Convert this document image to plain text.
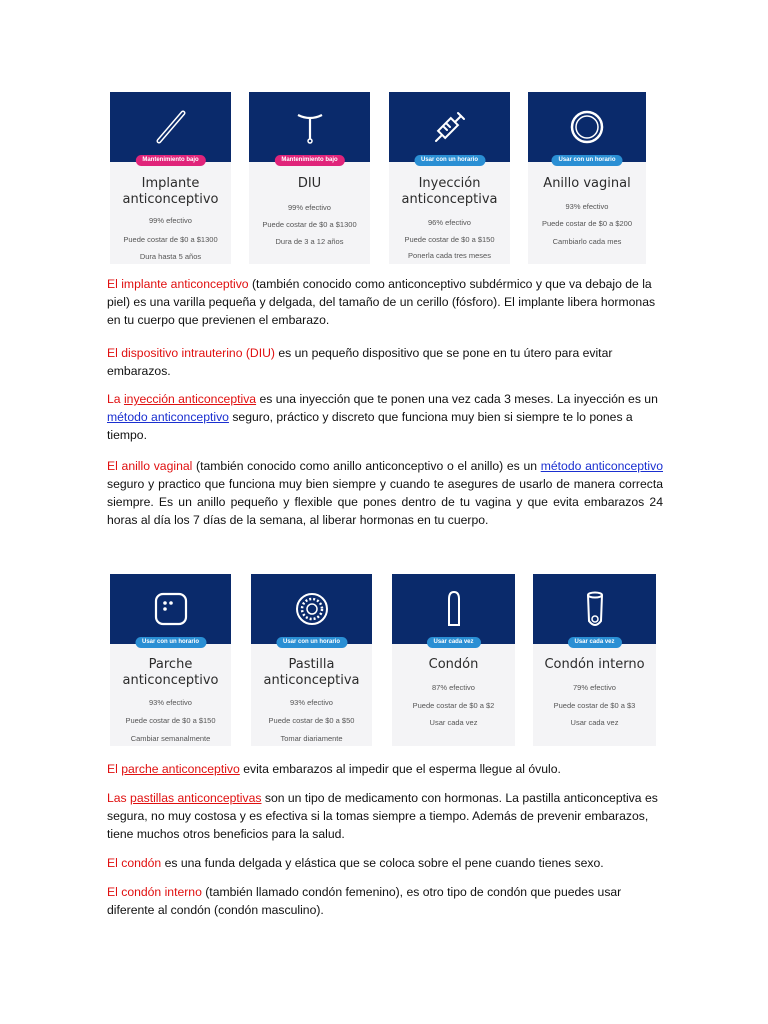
Mantenimiento bajo
Implante
anticonceptivo
99% efectivo
Puede costar de $0 a $1300
Dura hasta 5 años
Mantenimiento bajo
DIU
99% efectivo
Puede costar de $0 a $1300
Dura de 3 a 12 años
Usar con un horario
Inyección
anticonceptiva
96% efectivo
Puede costar de $0 a $150
Ponerla cada tres meses
Usar con un horario
Anillo vaginal
93% efectivo
Puede costar de $0 a $200
Cambiarlo cada mes
El implante anticonceptivo (también conocido como anticonceptivo subdérmico y que va debajo de la piel) es una varilla pequeña y delgada, del tamaño de un cerillo (fósforo). El implante libera hormonas en tu cuerpo que previenen el embarazo.
El dispositivo intrauterino (DIU) es un pequeño dispositivo que se pone en tu útero para evitar embarazos.
La inyección anticonceptiva es una inyección que te ponen una vez cada 3 meses. La inyección es un método anticonceptivo seguro, práctico y discreto que funciona muy bien si siempre te lo pones a tiempo.
El anillo vaginal (también conocido como anillo anticonceptivo o el anillo) es un método anticonceptivo seguro y practico que funciona muy bien siempre y cuando te asegures de usarlo de manera correcta siempre. Es un anillo pequeño y flexible que pones dentro de tu vagina y que evita embarazos 24 horas al día los 7 días de la semana, al liberar hormonas en tu cuerpo.
Usar con un horario
Parche
anticonceptivo
93% efectivo
Puede costar de $0 a $150
Cambiar semanalmente
Usar con un horario
Pastilla
anticonceptiva
93% efectivo
Puede costar de $0 a $50
Tomar diariamente
Usar cada vez
Condón
87% efectivo
Puede costar de $0 a $2
Usar cada vez
Usar cada vez
Condón interno
79% efectivo
Puede costar de $0 a $3
Usar cada vez
El parche anticonceptivo evita embarazos al impedir que el esperma llegue al óvulo.
Las pastillas anticonceptivas son un tipo de medicamento con hormonas. La pastilla anticonceptiva es segura, no muy costosa y es efectiva si la tomas siempre a tiempo. Además de prevenir embarazos, tiene muchos otros beneficios para la salud.
El condón es una funda delgada y elástica que se coloca sobre el pene cuando tienes sexo.
El condón interno (también llamado condón femenino), es otro tipo de condón que puedes usar diferente al condón (condón masculino).
